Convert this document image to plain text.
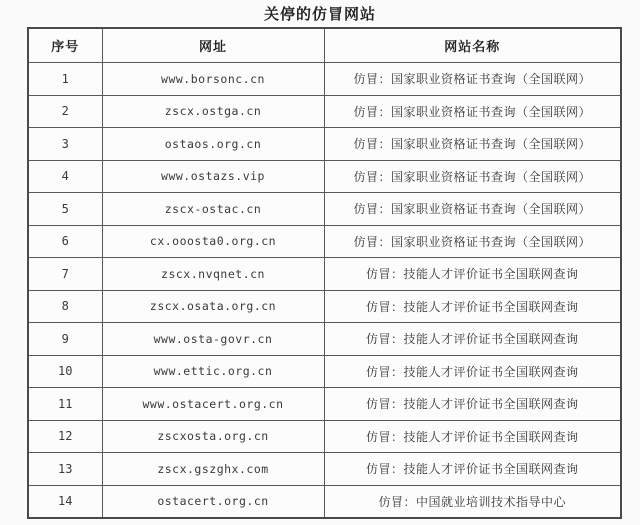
关停的仿冒网站
序号	网址	网站名称
1	www.borsonc.cn	仿冒：国家职业资格证书查询（全国联网）
2	zscx.ostga.cn	仿冒：国家职业资格证书查询（全国联网）
3	ostaos.org.cn	仿冒：国家职业资格证书查询（全国联网）
4	www.ostazs.vip	仿冒：国家职业资格证书查询（全国联网）
5	zscx-ostac.cn	仿冒：国家职业资格证书查询（全国联网）
6	cx.ooosta0.org.cn	仿冒：国家职业资格证书查询（全国联网）
7	zscx.nvqnet.cn	仿冒：技能人才评价证书全国联网查询
8	zscx.osata.org.cn	仿冒：技能人才评价证书全国联网查询
9	www.osta-govr.cn	仿冒：技能人才评价证书全国联网查询
10	www.ettic.org.cn	仿冒：技能人才评价证书全国联网查询
11	www.ostacert.org.cn	仿冒：技能人才评价证书全国联网查询
12	zscxosta.org.cn	仿冒：技能人才评价证书全国联网查询
13	zscx.gszghx.com	仿冒：技能人才评价证书全国联网查询
14	ostacert.org.cn	仿冒：中国就业培训技术指导中心
